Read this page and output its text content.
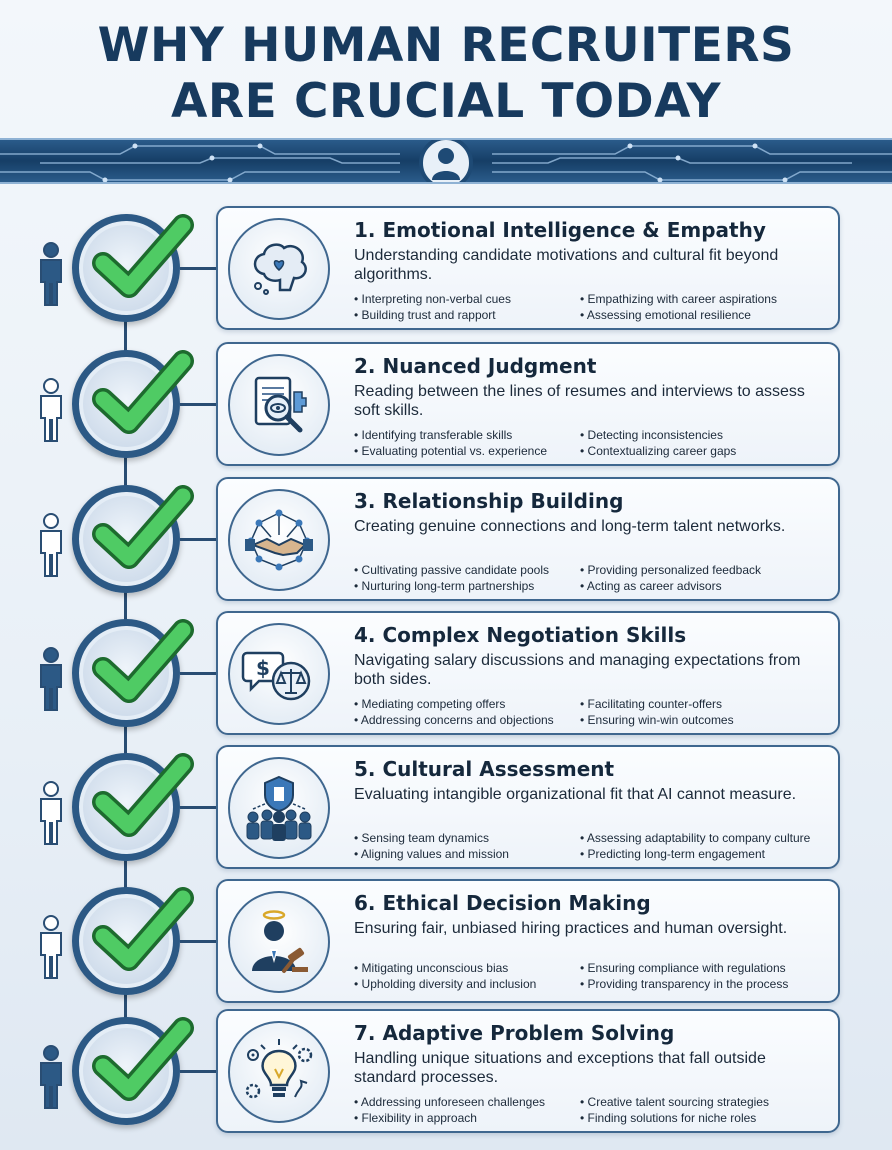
WHY HUMAN RECRUITERS
ARE CRUCIAL TODAY
1. Emotional Intelligence & Empathy
Understanding candidate motivations and cultural fit beyond algorithms.
• Interpreting non-verbal cues	• Empathizing with career aspirations
• Building trust and rapport	• Assessing emotional resilience
2. Nuanced Judgment
Reading between the lines of resumes and interviews to assess soft skills.
• Identifying transferable skills	• Detecting inconsistencies
• Evaluating potential vs. experience	• Contextualizing career gaps
3. Relationship Building
Creating genuine connections and long-term talent networks.
• Cultivating passive candidate pools	• Providing personalized feedback
• Nurturing long-term partnerships	• Acting as career advisors
$
4. Complex Negotiation Skills
Navigating salary discussions and managing expectations from both sides.
• Mediating competing offers	• Facilitating counter-offers
• Addressing concerns and objections	• Ensuring win-win outcomes
5. Cultural Assessment
Evaluating intangible organizational fit that AI cannot measure.
• Sensing team dynamics	• Assessing adaptability to company culture
• Aligning values and mission	• Predicting long-term engagement
6. Ethical Decision Making
Ensuring fair, unbiased hiring practices and human oversight.
• Mitigating unconscious bias	• Ensuring compliance with regulations
• Upholding diversity and inclusion	• Providing transparency in the process
7. Adaptive Problem Solving
Handling unique situations and exceptions that fall outside standard processes.
• Addressing unforeseen challenges	• Creative talent sourcing strategies
• Flexibility in approach	• Finding solutions for niche roles
